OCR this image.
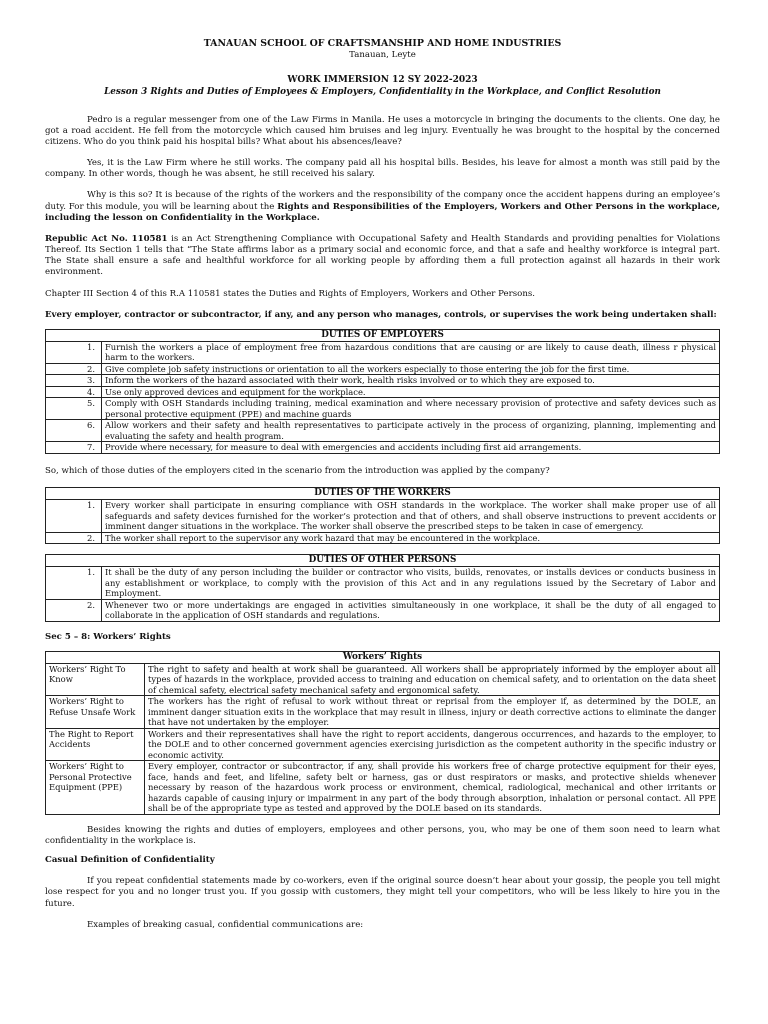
TANAUAN SCHOOL OF CRAFTSMANSHIP AND HOME INDUSTRIES
Tanauan, Leyte
WORK IMMERSION 12 SY 2022-2023
Lesson 3 Rights and Duties of Employees & Employers, Confidentiality in the Workplace, and Conflict Resolution

Pedro is a regular messenger from one of the Law Firms in Manila. He uses a motorcycle in bringing the documents to the clients. One day, he got a road accident. He fell from the motorcycle which caused him bruises and leg injury. Eventually he was brought to the hospital by the concerned citizens. Who do you think paid his hospital bills? What about his absences/leave?

Yes, it is the Law Firm where he still works. The company paid all his hospital bills. Besides, his leave for almost a month was still paid by the company. In other words, though he was absent, he still received his salary.

Why is this so? It is because of the rights of the workers and the responsibility of the company once the accident happens during an employee’s duty. For this module, you will be learning about the Rights and Responsibilities of the Employers, Workers and Other Persons in the workplace, including the lesson on Confidentiality in the Workplace.

Republic Act No. 110581 is an Act Strengthening Compliance with Occupational Safety and Health Standards and providing penalties for Violations Thereof. Its Section 1 tells that “The State affirms labor as a primary social and economic force, and that a safe and healthy workforce is integral part. The State shall ensure a safe and healthful workforce for all working people by affording them a full protection against all hazards in their work environment.

Chapter III Section 4 of this R.A 110581 states the Duties and Rights of Employers, Workers and Other Persons.

Every employer, contractor or subcontractor, if any, and any person who manages, controls, or supervises the work being undertaken shall:

DUTIES OF EMPLOYERS	
1.	Furnish the workers a place of employment free from hazardous conditions that are causing or are likely to cause death, illness r physical harm to the workers.
2.	Give complete job safety instructions or orientation to all the workers especially to those entering the job for the first time.
3.	Inform the workers of the hazard associated with their work, health risks involved or to which they are exposed to.
4.	Use only approved devices and equipment for the workplace.
5.	Comply with OSH Standards including training, medical examination and where necessary provision of protective and safety devices such as personal protective equipment (PPE) and machine guards
6.	Allow workers and their safety and health representatives to participate actively in the process of organizing, planning, implementing and evaluating the safety and health program.
7.	Provide where necessary, for measure to deal with emergencies and accidents including first aid arrangements.

So, which of those duties of the employers cited in the scenario from the introduction was applied by the company?

DUTIES OF THE WORKERS	
1.	Every worker shall participate in ensuring compliance with OSH standards in the workplace. The worker shall make proper use of all safeguards and safety devices furnished for the worker’s protection and that of others, and shall observe instructions to prevent accidents or imminent danger situations in the workplace. The worker shall observe the prescribed steps to be taken in case of emergency.
2.	The worker shall report to the supervisor any work hazard that may be encountered in the workplace.
DUTIES OF OTHER PERSONS	
1.	It shall be the duty of any person including the builder or contractor who visits, builds, renovates, or installs devices or conducts business in any establishment or workplace, to comply with the provision of this Act and in any regulations issued by the Secretary of Labor and Employment.
2.	Whenever two or more undertakings are engaged in activities simultaneously in one workplace, it shall be the duty of all engaged to collaborate in the application of OSH standards and regulations.

Sec 5 – 8: Workers’ Rights

Workers’ Rights	
Workers’ Right To Know	The right to safety and health at work shall be guaranteed. All workers shall be appropriately informed by the employer about all types of hazards in the workplace, provided access to training and education on chemical safety, and to orientation on the data sheet of chemical safety, electrical safety mechanical safety and ergonomical safety.
Workers’ Right to Refuse Unsafe Work	The workers has the right of refusal to work without threat or reprisal from the employer if, as determined by the DOLE, an imminent danger situation exits in the workplace that may result in illness, injury or death corrective actions to eliminate the danger that have not undertaken by the employer.
The Right to Report Accidents	Workers and their representatives shall have the right to report accidents, dangerous occurrences, and hazards to the employer, to the DOLE and to other concerned government agencies exercising jurisdiction as the competent authority in the specific industry or economic activity.
Workers’ Right to Personal Protective Equipment (PPE)	Every employer, contractor or subcontractor, if any, shall provide his workers free of charge protective equipment for their eyes, face, hands and feet, and lifeline, safety belt or harness, gas or dust respirators or masks, and protective shields whenever necessary by reason of the hazardous work process or environment, chemical, radiological, mechanical and other irritants or hazards capable of causing injury or impairment in any part of the body through absorption, inhalation or personal contact. All PPE shall be of the appropriate type as tested and approved by the DOLE based on its standards.

Besides knowing the rights and duties of employers, employees and other persons, you, who may be one of them soon need to learn what confidentiality in the workplace is.

Casual Definition of Confidentiality

If you repeat confidential statements made by co-workers, even if the original source doesn’t hear about your gossip, the people you tell might lose respect for you and no longer trust you. If you gossip with customers, they might tell your competitors, who will be less likely to hire you in the future.

Examples of breaking casual, confidential communications are:
